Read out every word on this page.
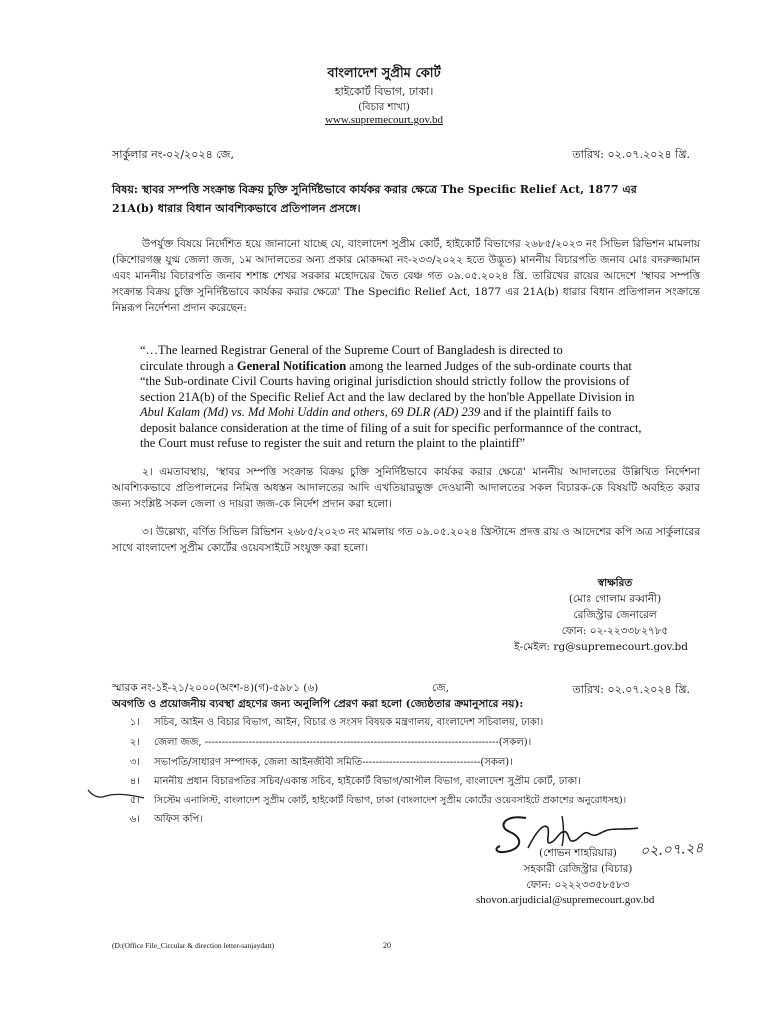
বাংলাদেশ সুপ্রীম কোর্ট
হাইকোর্ট বিভাগ, ঢাকা।
(বিচার শাখা)
www.supremecourt.gov.bd
সার্কুলার নং-০২/২০২৪ জে,	তারিখ: ০২.০৭.২০২৪ খ্রি.
বিষয়: স্থাবর সম্পত্তি সংক্রান্ত বিক্রয় চুক্তি সুনির্দিষ্টভাবে কার্যকর করার ক্ষেত্রে The Specific Relief Act, 1877 এর
21A(b) ধারার বিধান আবশ্যিকভাবে প্রতিপালন প্রসঙ্গে।
উপর্যুক্ত বিষয়ে নির্দেশিত হয়ে জানানো যাচ্ছে যে, বাংলাদেশ সুপ্রীম কোর্ট, হাইকোর্ট বিভাগের ২৬৮৫/২০২৩ নং সিভিল রিভিশন মামলায় (কিশোরগঞ্জ যুগ্ম জেলা জজ, ১ম আদালতের অন্য প্রকার মোকদ্দমা নং-২৩৩/২০২২ হতে উদ্ভূত) মাননীয় বিচারপতি জনাব মোঃ বদরুজ্জামান এবং মাননীয় বিচারপতি জনাব শশাঙ্ক শেখর সরকার মহোদয়ের দ্বৈত বেঞ্চ গত ০৯.০৫.২০২৪ খ্রি. তারিখের রায়ের আদেশে 'স্থাবর সম্পত্তি সংক্রান্ত বিক্রয় চুক্তি সুনির্দিষ্টভাবে কার্যকর করার ক্ষেত্রে' The Specific Relief Act, 1877 এর 21A(b) ধারার বিধান প্রতিপালন সংক্রান্তে নিম্নরূপ নির্দেশনা প্রদান করেছেন:
“…The learned Registrar General of the Supreme Court of Bangladesh is directed to
circulate through a General Notification among the learned Judges of the sub-ordinate courts that
“the Sub-ordinate Civil Courts having original jurisdiction should strictly follow the provisions of
section 21A(b) of the Specific Relief Act and the law declared by the hon'ble Appellate Division in
Abul Kalam (Md) vs. Md Mohi Uddin and others, 69 DLR (AD) 239 and if the plaintiff fails to
deposit balance consideration at the time of filing of a suit for specific performannce of the contract,
the Court must refuse to register the suit and return the plaint to the plaintiff”
২। এমতাবস্থায়, 'স্থাবর সম্পত্তি সংক্রান্ত বিক্রয় চুক্তি সুনির্দিষ্টভাবে কার্যকর করার ক্ষেত্রে' মাননীয় আদালতের উল্লিখিত নির্দেশনা আবশ্যিকভাবে প্রতিপালনের নিমিত্ত অধস্তন আদালতের আদি এখতিয়ারভুক্ত দেওয়ানী আদালতের সকল বিচারক-কে বিষয়টি অবহিত করার জন্য সংশ্লিষ্ট সকল জেলা ও দায়রা জজ-কে নির্দেশ প্রদান করা হলো।
৩। উল্লেখ্য, বর্ণিত সিভিল রিভিশন ২৬৮৫/২০২৩ নং মামলায় গত ০৯.০৫.২০২৪ খ্রিস্টাব্দে প্রদত্ত রায় ও আদেশের কপি অত্র সার্কুলারের সাথে বাংলাদেশ সুপ্রীম কোর্টের ওয়েবসাইটে সংযুক্ত করা হলো।
স্বাক্ষরিত
(মোঃ গোলাম রব্বানী)
রেজিস্ট্রার জেনারেল
ফোন: ০২-২২৩৩৮২৭৮৫
ই-মেইল: rg@supremecourt.gov.bd
স্মারক নং-১ই-২১/২০০০(অংশ-৪)(গ)-৫৯৮১ (৬)	জে,	তারিখ: ০২.০৭.২০২৪ খ্রি.
অবগতি ও প্রয়োজনীয় ব্যবস্থা গ্রহণের জন্য অনুলিপি প্রেরণ করা হলো (জ্যেষ্ঠতার ক্রমানুসারে নয়):
১। সচিব, আইন ও বিচার বিভাগ, আইন, বিচার ও সংসদ বিষয়ক মন্ত্রণালয়, বাংলাদেশ সচিবালয়, ঢাকা।
২। জেলা জজ, ---------------------------------------------------------------------------------------(সকল)।
৩। সভাপতি/সাধারণ সম্পাদক, জেলা আইনজীবী সমিতি-----------------------------------(সকল)।
৪। মাননীয় প্রধান বিচারপতির সচিব/একান্ত সচিব, হাইকোর্ট বিভাগ/আপীল বিভাগ, বাংলাদেশ সুপ্রীম কোর্ট, ঢাকা।
৫। সিস্টেম এনালিস্ট, বাংলাদেশ সুপ্রীম কোর্ট, হাইকোর্ট বিভাগ, ঢাকা (বাংলাদেশ সুপ্রীম কোর্টের ওয়েবসাইটে প্রকাশের অনুরোধসহ)।
৬। অফিস কপি।
০২.০৭.২৪
(শোভন শাহরিয়ার)
সহকারী রেজিস্ট্রার (বিচার)
ফোন: ০২২২৩৩৫৮৫৮৩
shovon.arjudicial@supremecourt.gov.bd
(D:(Office File_Circular & direction letter-sanjaydatt)	20
